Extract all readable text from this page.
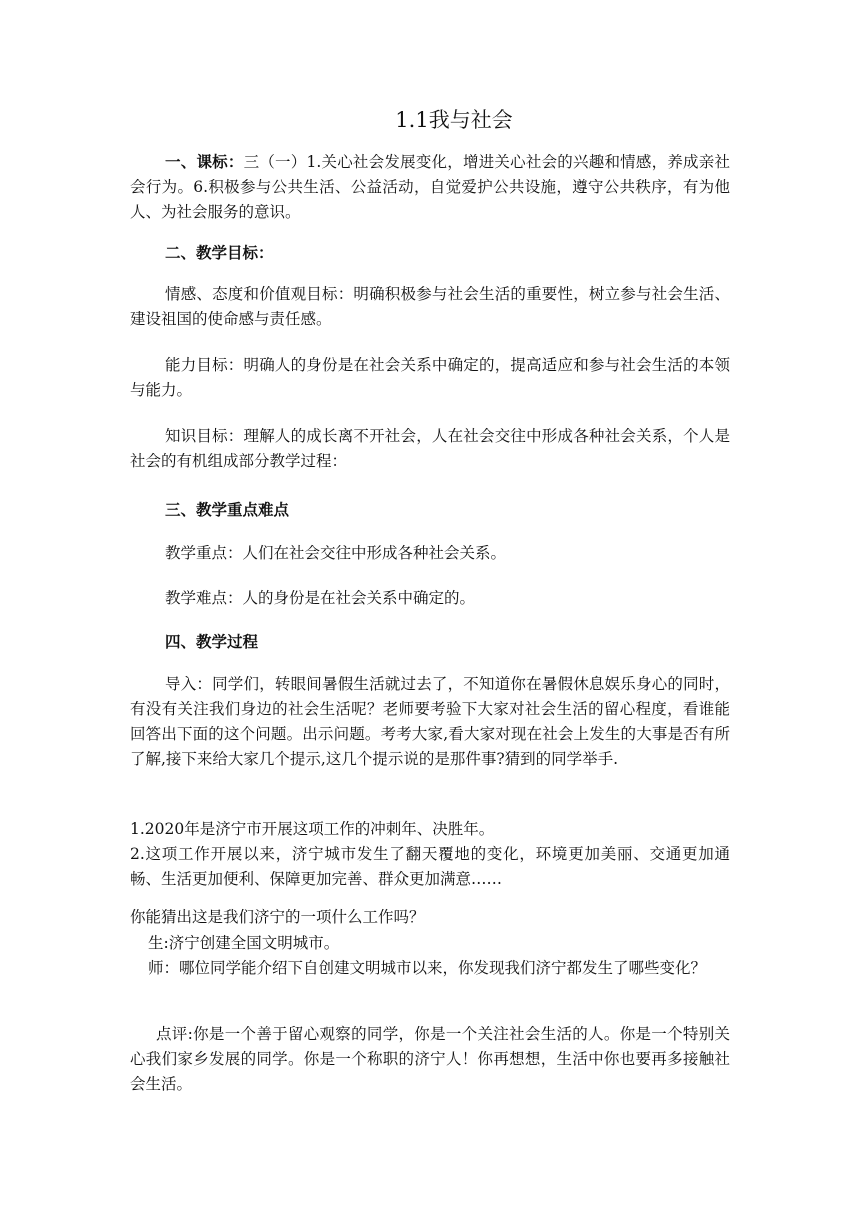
1.1我与社会
一、课标：三（一）1.关心社会发展变化，增进关心社会的兴趣和情感，养成亲社会行为。6.积极参与公共生活、公益活动，自觉爱护公共设施，遵守公共秩序，有为他人、为社会服务的意识。
二、教学目标：
情感、态度和价值观目标：明确积极参与社会生活的重要性，树立参与社会生活、建设祖国的使命感与责任感。
能力目标：明确人的身份是在社会关系中确定的，提高适应和参与社会生活的本领与能力。
知识目标：理解人的成长离不开社会，人在社会交往中形成各种社会关系，个人是社会的有机组成部分教学过程：
三、教学重点难点
教学重点：人们在社会交往中形成各种社会关系。
教学难点：人的身份是在社会关系中确定的。
四、教学过程
导入：同学们，转眼间暑假生活就过去了，不知道你在暑假休息娱乐身心的同时，有没有关注我们身边的社会生活呢？老师要考验下大家对社会生活的留心程度，看谁能回答出下面的这个问题。出示问题。考考大家,看大家对现在社会上发生的大事是否有所了解,接下来给大家几个提示,这几个提示说的是那件事?猜到的同学举手.
1.2020年是济宁市开展这项工作的冲刺年、决胜年。
2.这项工作开展以来，济宁城市发生了翻天覆地的变化，环境更加美丽、交通更加通畅、生活更加便利、保障更加完善、群众更加满意……
你能猜出这是我们济宁的一项什么工作吗？
生:济宁创建全国文明城市。
师：哪位同学能介绍下自创建文明城市以来，你发现我们济宁都发生了哪些变化？
点评:你是一个善于留心观察的同学，你是一个关注社会生活的人。你是一个特别关心我们家乡发展的同学。你是一个称职的济宁人！你再想想，生活中你也要再多接触社会生活。
